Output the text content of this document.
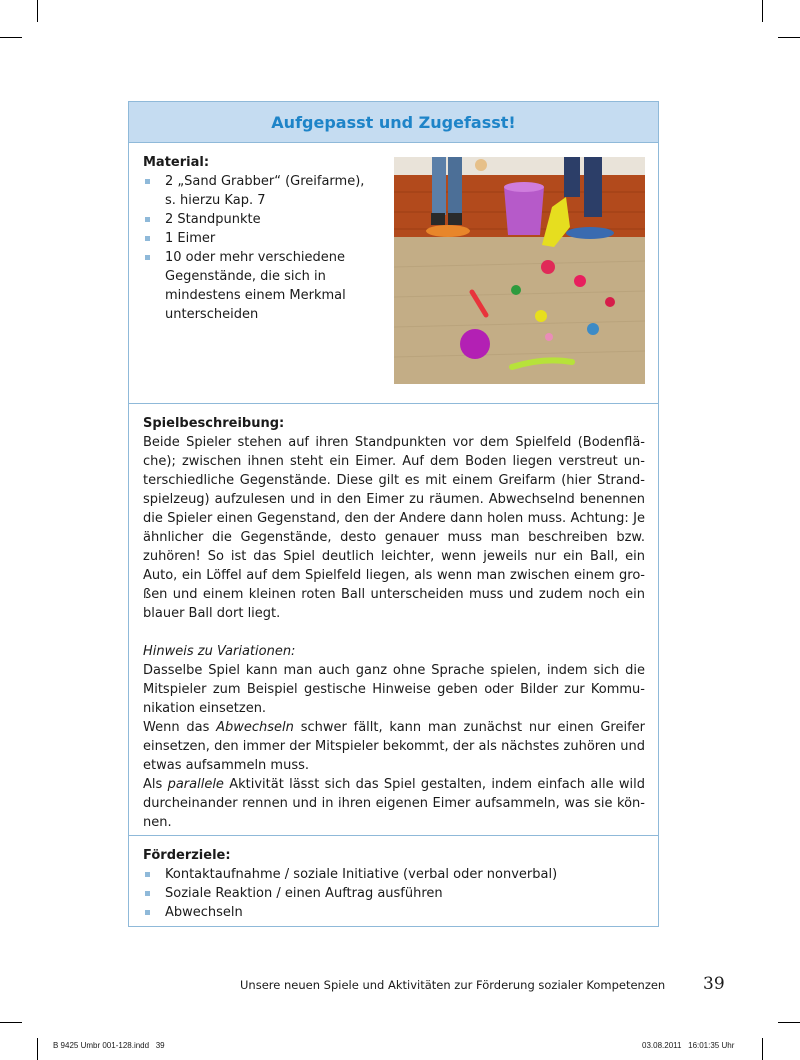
Aufgepasst und Zugefasst!
Material:
2 „Sand Grabber“ (Greifarme), s. hierzu Kap. 7
2 Standpunkte
1 Eimer
10 oder mehr verschiedene Gegenstände, die sich in mindestens einem Merkmal unterscheiden
Spielbeschreibung:

Beide Spieler stehen auf ihren Standpunkten vor dem Spielfeld (Bodenfläche); zwischen ihnen steht ein Eimer. Auf dem Boden liegen verstreut unterschiedliche Gegenstände. Diese gilt es mit einem Greifarm (hier Strandspielzeug) aufzulesen und in den Eimer zu räumen. Abwechselnd benennen die Spieler einen Gegenstand, den der Andere dann holen muss. Achtung: Je ähnlicher die Gegenstände, desto genauer muss man beschreiben bzw. zuhören! So ist das Spiel deutlich leichter, wenn jeweils nur ein Ball, ein Auto, ein Löffel auf dem Spielfeld liegen, als wenn man zwischen einem großen und einem kleinen roten Ball unterscheiden muss und zudem noch ein blauer Ball dort liegt.

Hinweis zu Variationen:

Dasselbe Spiel kann man auch ganz ohne Sprache spielen, indem sich die Mitspieler zum Beispiel gestische Hinweise geben oder Bilder zur Kommunikation einsetzen.

Wenn das Abwechseln schwer fällt, kann man zunächst nur einen Greifer einsetzen, den immer der Mitspieler bekommt, der als nächstes zuhören und etwas aufsammeln muss.

Als parallele Aktivität lässt sich das Spiel gestalten, indem einfach alle wild durcheinander rennen und in ihren eigenen Eimer aufsammeln, was sie können.

Förderziele:
Kontaktaufnahme / soziale Initiative (verbal oder nonverbal)
Soziale Reaktion / einen Auftrag ausführen
Abwechseln
Unsere neuen Spiele und Aktivitäten zur Förderung sozialer Kompetenzen 39
B 9425 Umbr 001-128.indd   39	03.08.2011   16:01:35 Uhr
